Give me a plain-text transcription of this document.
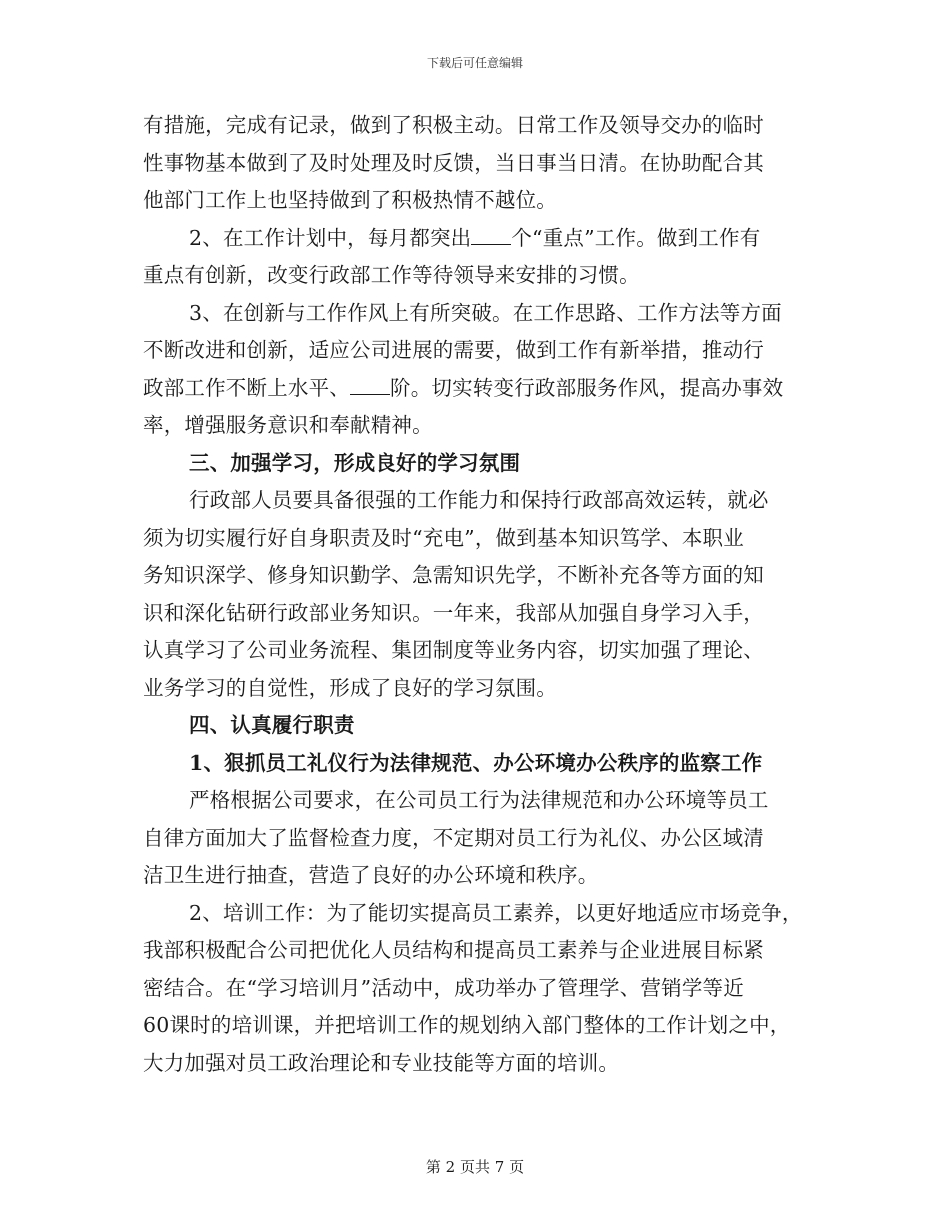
下载后可任意编辑
有措施，完成有记录，做到了积极主动。日常工作及领导交办的临时
性事物基本做到了及时处理及时反馈，当日事当日清。在协助配合其
他部门工作上也坚持做到了积极热情不越位。
2、在工作计划中，每月都突出 个“重点”工作。做到工作有
重点有创新，改变行政部工作等待领导来安排的习惯。
3、在创新与工作作风上有所突破。在工作思路、工作方法等方面
不断改进和创新，适应公司进展的需要，做到工作有新举措，推动行
政部工作不断上水平、 阶。切实转变行政部服务作风，提高办事效
率，增强服务意识和奉献精神。
三、加强学习，形成良好的学习氛围
行政部人员要具备很强的工作能力和保持行政部高效运转，就必
须为切实履行好自身职责及时“充电”，做到基本知识笃学、本职业
务知识深学、修身知识勤学、急需知识先学，不断补充各等方面的知
识和深化钻研行政部业务知识。一年来，我部从加强自身学习入手，
认真学习了公司业务流程、集团制度等业务内容，切实加强了理论、
业务学习的自觉性，形成了良好的学习氛围。
四、认真履行职责
1、狠抓员工礼仪行为法律规范、办公环境办公秩序的监察工作
严格根据公司要求，在公司员工行为法律规范和办公环境等员工
自律方面加大了监督检查力度，不定期对员工行为礼仪、办公区域清
洁卫生进行抽查，营造了良好的办公环境和秩序。
2、培训工作：为了能切实提高员工素养，以更好地适应市场竞争，
我部积极配合公司把优化人员结构和提高员工素养与企业进展目标紧
密结合。在“学习培训月”活动中，成功举办了管理学、营销学等近
60课时的培训课，并把培训工作的规划纳入部门整体的工作计划之中，
大力加强对员工政治理论和专业技能等方面的培训。
第 2 页共 7 页
